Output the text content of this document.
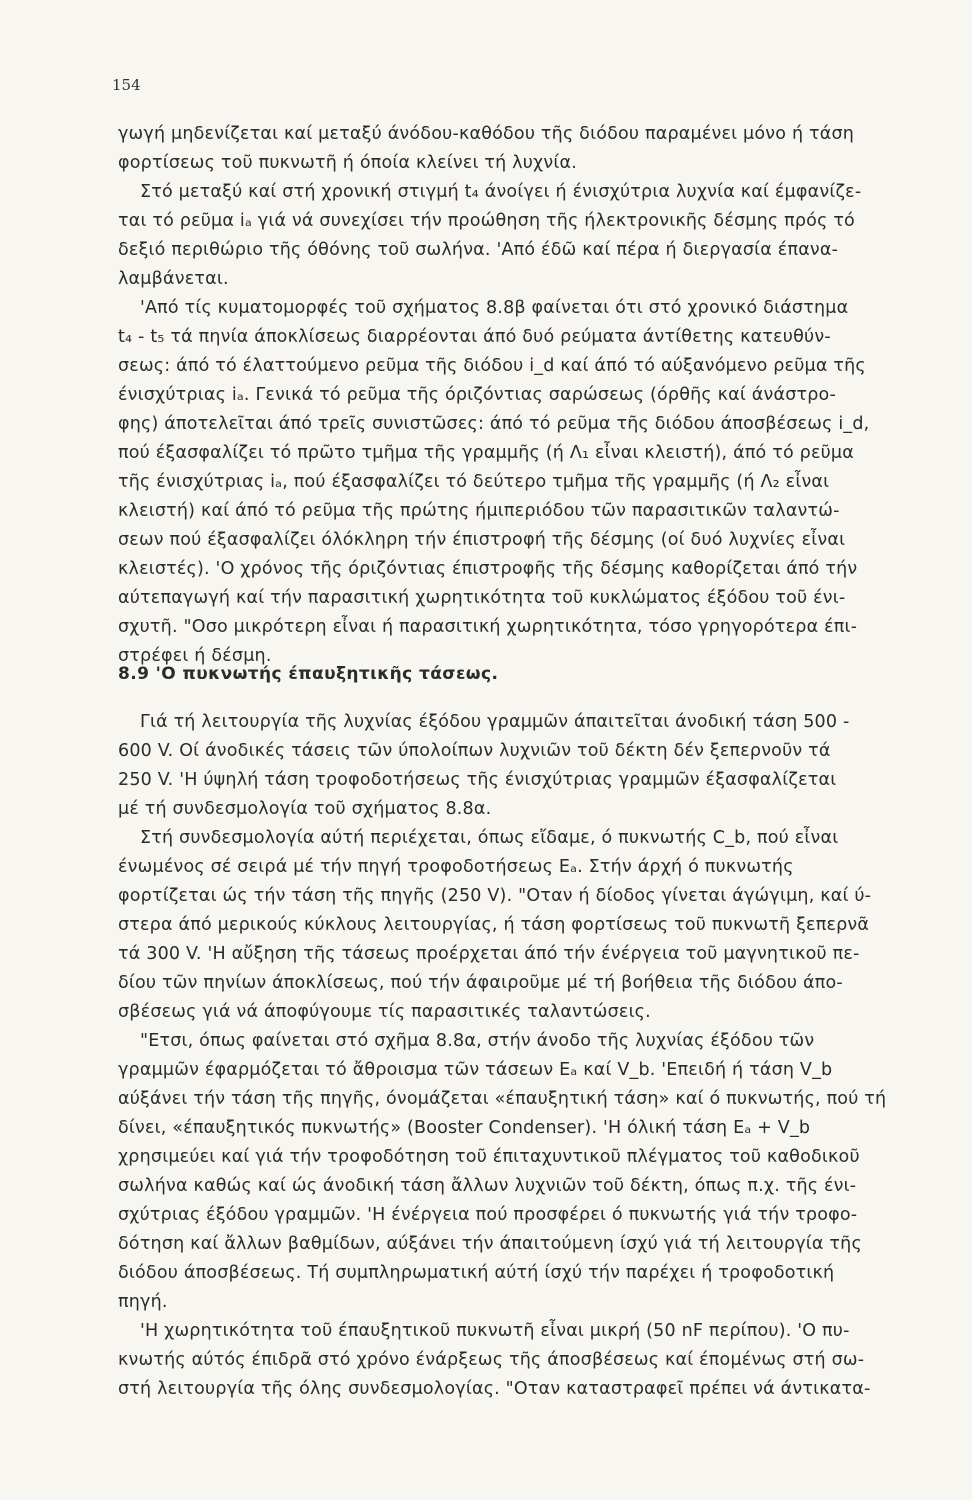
154
γωγή μηδενίζεται καί μεταξύ άνόδου-καθόδου τῆς διόδου παραμένει μόνο ή τάση
φορτίσεως τοῦ πυκνωτῆ ή όποία κλείνει τή λυχνία.
Στό μεταξύ καί στή χρονική στιγμή t₄ άνοίγει ή ένισχύτρια λυχνία καί έμφανίζε-
ται τό ρεῦμα iₐ γιά νά συνεχίσει τήν προώθηση τῆς ήλεκτρονικῆς δέσμης πρός τό
δεξιό περιθώριο τῆς όθόνης τοῦ σωλήνα. 'Από έδῶ καί πέρα ή διεργασία έπανα-
λαμβάνεται.
'Από τίς κυματομορφές τοῦ σχήματος 8.8β φαίνεται ότι στό χρονικό διάστημα
t₄ - t₅ τά πηνία άποκλίσεως διαρρέονται άπό δυό ρεύματα άντίθετης κατευθύν-
σεως: άπό τό έλαττούμενο ρεῦμα τῆς διόδου i_d καί άπό τό αύξανόμενο ρεῦμα τῆς
ένισχύτριας iₐ. Γενικά τό ρεῦμα τῆς όριζόντιας σαρώσεως (όρθῆς καί άνάστρο-
φης) άποτελεῖται άπό τρεῖς συνιστῶσες: άπό τό ρεῦμα τῆς διόδου άποσβέσεως i_d,
πού έξασφαλίζει τό πρῶτο τμῆμα τῆς γραμμῆς (ή Λ₁ εἶναι κλειστή), άπό τό ρεῦμα
τῆς ένισχύτριας iₐ, πού έξασφαλίζει τό δεύτερο τμῆμα τῆς γραμμῆς (ή Λ₂ εἶναι
κλειστή) καί άπό τό ρεῦμα τῆς πρώτης ήμιπεριόδου τῶν παρασιτικῶν ταλαντώ-
σεων πού έξασφαλίζει όλόκληρη τήν έπιστροφή τῆς δέσμης (οί δυό λυχνίες εἶναι
κλειστές). 'Ο χρόνος τῆς όριζόντιας έπιστροφῆς τῆς δέσμης καθορίζεται άπό τήν
αύτεπαγωγή καί τήν παρασιτική χωρητικότητα τοῦ κυκλώματος έξόδου τοῦ ένι-
σχυτῆ. "Οσο μικρότερη εἶναι ή παρασιτική χωρητικότητα, τόσο γρηγορότερα έπι-
στρέφει ή δέσμη.
8.9 'Ο πυκνωτής έπαυξητικῆς τάσεως.
Γιά τή λειτουργία τῆς λυχνίας έξόδου γραμμῶν άπαιτεῖται άνοδική τάση 500 -
600 V. Οί άνοδικές τάσεις τῶν ύπολοίπων λυχνιῶν τοῦ δέκτη δέν ξεπερνοῦν τά
250 V. 'Η ύψηλή τάση τροφοδοτήσεως τῆς ένισχύτριας γραμμῶν έξασφαλίζεται
μέ τή συνδεσμολογία τοῦ σχήματος 8.8α.
Στή συνδεσμολογία αύτή περιέχεται, όπως εἴδαμε, ό πυκνωτής C_b, πού εἶναι
ένωμένος σέ σειρά μέ τήν πηγή τροφοδοτήσεως Eₐ. Στήν άρχή ό πυκνωτής
φορτίζεται ώς τήν τάση τῆς πηγῆς (250 V). "Οταν ή δίοδος γίνεται άγώγιμη, καί ύ-
στερα άπό μερικούς κύκλους λειτουργίας, ή τάση φορτίσεως τοῦ πυκνωτῆ ξεπερνᾶ
τά 300 V. 'Η αὔξηση τῆς τάσεως προέρχεται άπό τήν ένέργεια τοῦ μαγνητικοῦ πε-
δίου τῶν πηνίων άποκλίσεως, πού τήν άφαιροῦμε μέ τή βοήθεια τῆς διόδου άπο-
σβέσεως γιά νά άποφύγουμε τίς παρασιτικές ταλαντώσεις.
"Ετσι, όπως φαίνεται στό σχῆμα 8.8α, στήν άνοδο τῆς λυχνίας έξόδου τῶν
γραμμῶν έφαρμόζεται τό ἄθροισμα τῶν τάσεων Eₐ καί V_b. 'Επειδή ή τάση V_b
αύξάνει τήν τάση τῆς πηγῆς, όνομάζεται «έπαυξητική τάση» καί ό πυκνωτής, πού τή
δίνει, «έπαυξητικός πυκνωτής» (Booster Condenser). 'Η όλική τάση Eₐ + V_b
χρησιμεύει καί γιά τήν τροφοδότηση τοῦ έπιταχυντικοῦ πλέγματος τοῦ καθοδικοῦ
σωλήνα καθώς καί ώς άνοδική τάση ἄλλων λυχνιῶν τοῦ δέκτη, όπως π.χ. τῆς ένι-
σχύτριας έξόδου γραμμῶν. 'Η ένέργεια πού προσφέρει ό πυκνωτής γιά τήν τροφο-
δότηση καί ἄλλων βαθμίδων, αύξάνει τήν άπαιτούμενη ίσχύ γιά τή λειτουργία τῆς
διόδου άποσβέσεως. Τή συμπληρωματική αύτή ίσχύ τήν παρέχει ή τροφοδοτική
πηγή.
'Η χωρητικότητα τοῦ έπαυξητικοῦ πυκνωτῆ εἶναι μικρή (50 nF περίπου). 'Ο πυ-
κνωτής αύτός έπιδρᾶ στό χρόνο ένάρξεως τῆς άποσβέσεως καί έπομένως στή σω-
στή λειτουργία τῆς όλης συνδεσμολογίας. "Οταν καταστραφεῖ πρέπει νά άντικατα-
